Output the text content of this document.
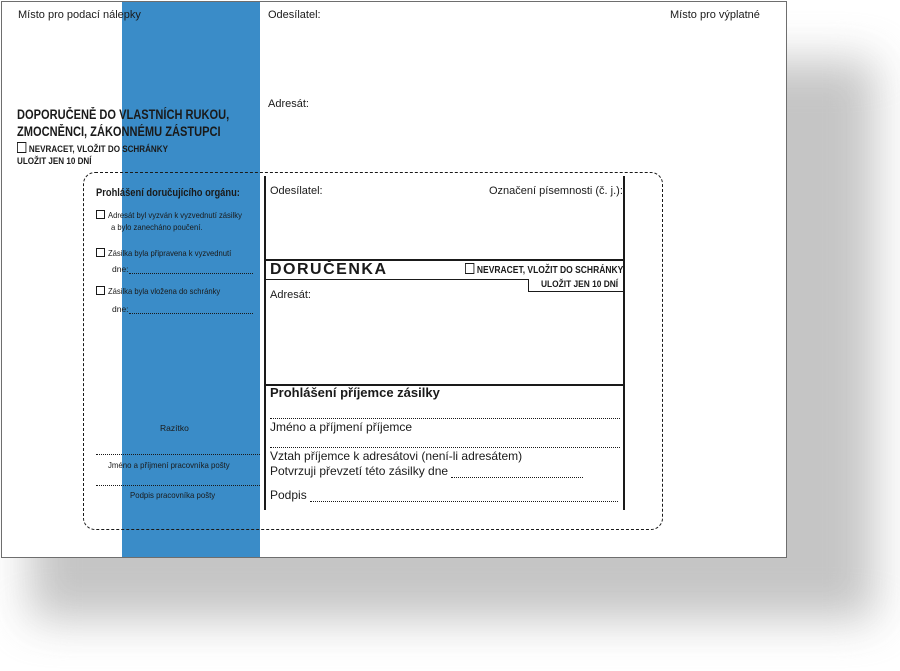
Místo pro podací nálepky	Odesílatel:	Místo pro výplatné
Adresát:
DOPORUČENĚ DO VLASTNÍCH RUKOU,
ZMOCNĚNCI, ZÁKONNÉMU ZÁSTUPCI
NEVRACET, VLOŽIT DO SCHRÁNKY
ULOŽIT JEN 10 DNÍ
Prohlášení doručujícího orgánu:
Adresát byl vyzván k vyzvednutí zásilky
a bylo zanecháno poučení.
Zásilka byla připravena k vyzvednutí
dne:
Zásilka byla vložena do schránky
dne:
Razítko
Jméno a příjmení pracovníka pošty
Podpis pracovníka pošty
Odesílatel:	Označení písemnosti (č. j.):
DORUČENKA	NEVRACET, VLOŽIT DO SCHRÁNKY
ULOŽIT JEN 10 DNÍ
Adresát:
Prohlášení příjemce zásilky
Jméno a příjmení příjemce
Vztah příjemce k adresátovi (není-li adresátem)
Potvrzuji převzetí této zásilky dne
Podpis
